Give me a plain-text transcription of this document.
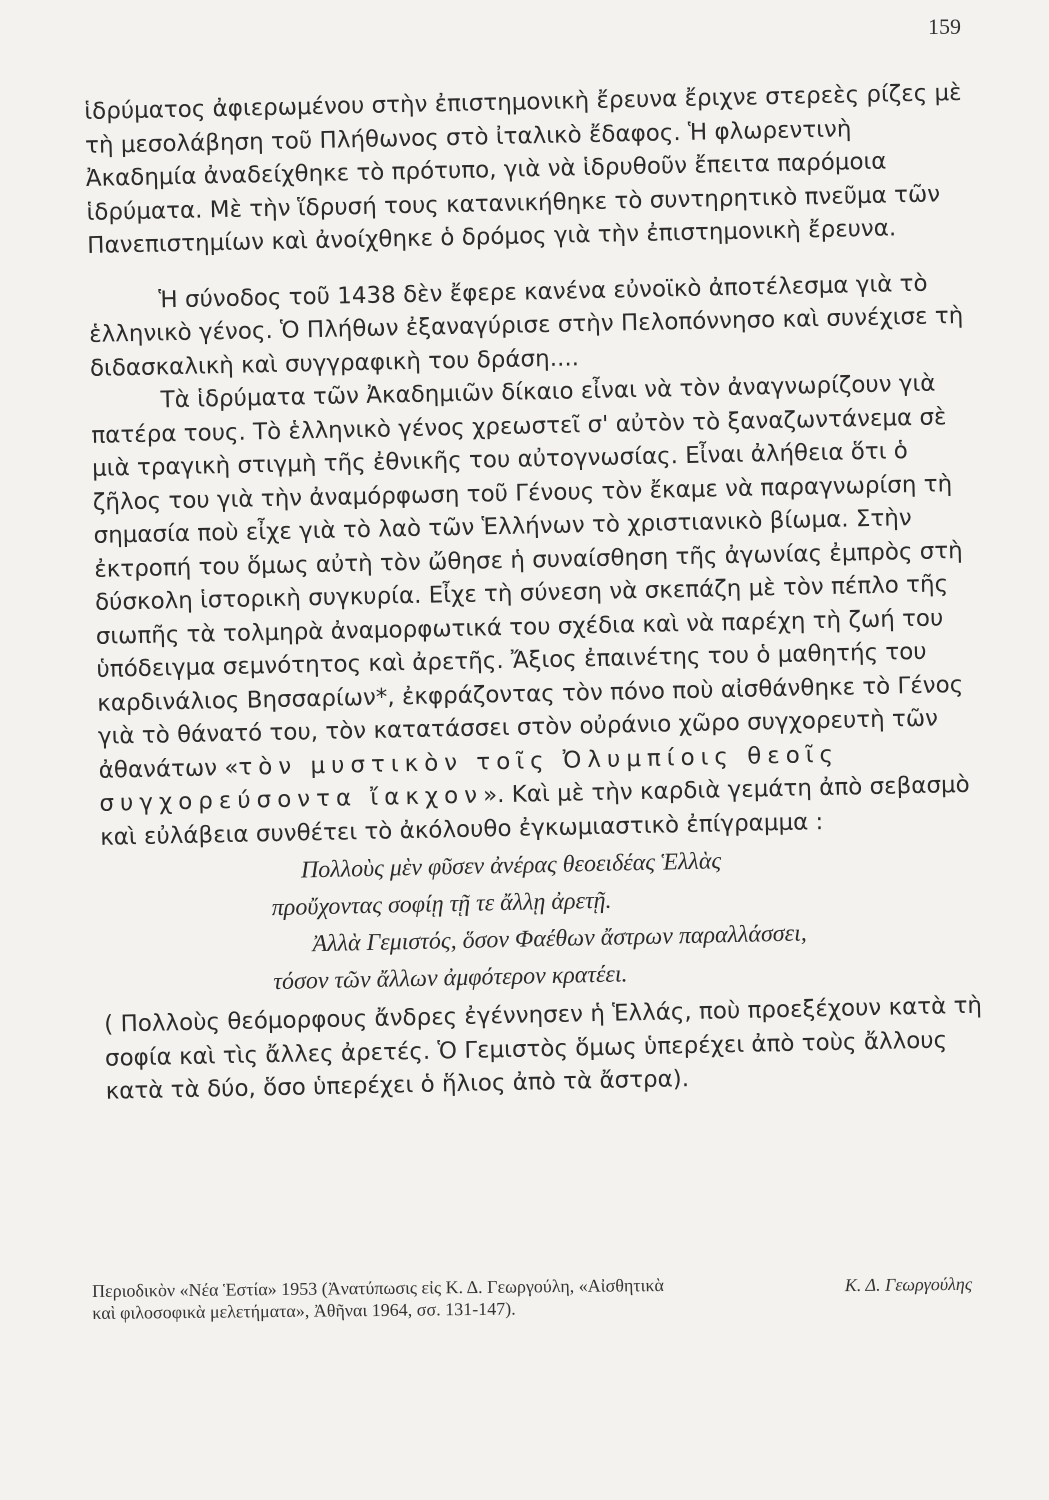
159

ἱδρύματος ἀφιερωμένου στὴν ἐπιστημονικὴ ἔρευνα ἔριχνε στερεὲς ρίζες μὲ τὴ μεσολάβηση τοῦ Πλήθωνος στὸ ἰταλικὸ ἔδαφος. Ἡ φλωρεντινὴ Ἀκαδημία ἀναδείχθηκε τὸ πρότυπο, γιὰ νὰ ἱδρυθοῦν ἔπειτα παρόμοια ἱδρύματα. Μὲ τὴν ἵδρυσή τους κατανικήθηκε τὸ συντηρητικὸ πνεῦμα τῶν Πανεπιστημίων καὶ ἀνοίχθηκε ὁ δρόμος γιὰ τὴν ἐπιστημονικὴ ἔρευνα.

Ἡ σύνοδος τοῦ 1438 δὲν ἔφερε κανένα εὐνοϊκὸ ἀποτέλεσμα γιὰ τὸ ἑλληνικὸ γένος. Ὁ Πλήθων ἐξαναγύρισε στὴν Πελοπόννησο καὶ συνέχισε τὴ διδασκαλικὴ καὶ συγγραφικὴ του δράση....

Τὰ ἱδρύματα τῶν Ἀκαδημιῶν δίκαιο εἶναι νὰ τὸν ἀναγνωρίζουν γιὰ πατέρα τους. Τὸ ἑλληνικὸ γένος χρεωστεῖ σ' αὐτὸν τὸ ξαναζωντάνεμα σὲ μιὰ τραγικὴ στιγμὴ τῆς ἐθνικῆς του αὐτογνωσίας. Εἶναι ἀλήθεια ὅτι ὁ ζῆλος του γιὰ τὴν ἀναμόρφωση τοῦ Γένους τὸν ἔκαμε νὰ παραγνωρίση τὴ σημασία ποὺ εἶχε γιὰ τὸ λαὸ τῶν Ἑλλήνων τὸ χριστιανικὸ βίωμα. Στὴν ἐκτροπή του ὅμως αὐτὴ τὸν ὤθησε ἡ συναίσθηση τῆς ἀγωνίας ἐμπρὸς στὴ δύσκολη ἱστορικὴ συγκυρία. Εἶχε τὴ σύνεση νὰ σκεπάζη μὲ τὸν πέπλο τῆς σιωπῆς τὰ τολμηρὰ ἀναμορφωτικά του σχέδια καὶ νὰ παρέχη τὴ ζωή του ὑπόδειγμα σεμνότητος καὶ ἀρετῆς. Ἄξιος ἐπαινέτης του ὁ μαθητής του καρδινάλιος Βησσαρίων*, ἐκφράζοντας τὸν πόνο ποὺ αἰσθάνθηκε τὸ Γένος γιὰ τὸ θάνατό του, τὸν κατατάσσει στὸν οὐράνιο χῶρο συγχορευτὴ τῶν ἀθανάτων «τὸν μυστικὸν τοῖς Ὀλυμπίοις θεοῖς συγχορεύσοντα ἴακχον». Καὶ μὲ τὴν καρδιὰ γεμάτη ἀπὸ σεβασμὸ καὶ εὐλάβεια συνθέτει τὸ ἀκόλουθο ἐγκωμιαστικὸ ἐπίγραμμα :

Πολλοὺς μὲν φῦσεν ἀνέρας θεοειδέας Ἑλλὰς
προὔχοντας σοφίῃ τῇ τε ἄλλῃ ἀρετῇ.
Ἀλλὰ Γεμιστός, ὅσον Φαέθων ἄστρων παραλλάσσει,
τόσον τῶν ἄλλων ἀμφότερον κρατέει.

( Πολλοὺς θεόμορφους ἄνδρες ἐγέννησεν ἡ Ἑλλάς, ποὺ προεξέχουν κατὰ τὴ σοφία καὶ τὶς ἄλλες ἀρετές. Ὁ Γεμιστὸς ὅμως ὑπερέχει ἀπὸ τοὺς ἄλλους κατὰ τὰ δύο, ὅσο ὑπερέχει ὁ ἥλιος ἀπὸ τὰ ἄστρα).

Περιοδικὸν «Νέα Ἑστία» 1953 (Ἀνατύπωσις εἰς Κ. Δ. Γεωργούλη, «Αἰσθητικὰ καὶ φιλοσοφικὰ μελετήματα», Ἀθῆναι 1964, σσ. 131-147).
Κ. Δ. Γεωργούλης
